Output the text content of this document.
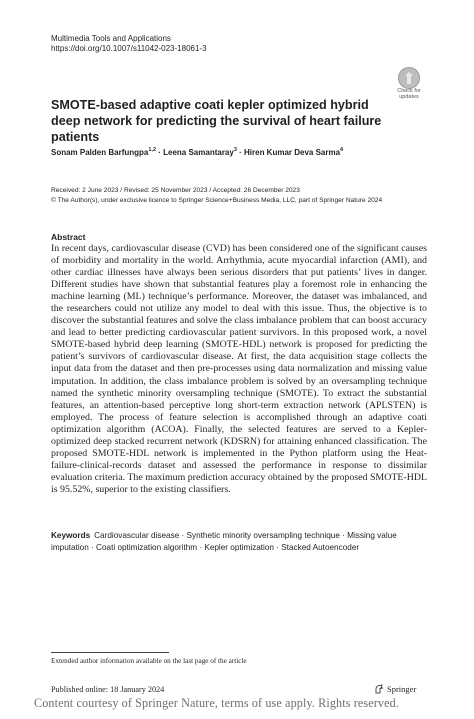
Multimedia Tools and Applications
https://doi.org/10.1007/s11042-023-18061-3
Check for
updates
SMOTE-based adaptive coati kepler optimized hybrid deep network for predicting the survival of heart failure patients
Sonam Palden Barfungpa$^{1,2}$ · Leena Samantaray$^3$ · Hiren Kumar Deva Sarma$^4$
Received: 2 June 2023 / Revised: 25 November 2023 / Accepted: 26 December 2023
© The Author(s), under exclusive licence to Springer Science+Business Media, LLC, part of Springer Nature 2024
Abstract

In recent days, cardiovascular disease (CVD) has been considered one of the significant causes of morbidity and mortality in the world. Arrhythmia, acute myocardial infarction (AMI), and other cardiac illnesses have always been serious disorders that put patients’ lives in danger. Different studies have shown that substantial features play a foremost role in enhancing the machine learning (ML) technique’s performance. Moreover, the dataset was imbalanced, and the researchers could not utilize any model to deal with this issue. Thus, the objective is to discover the substantial features and solve the class imbalance problem that can boost accuracy and lead to better predicting cardiovascular patient survivors. In this proposed work, a novel SMOTE-based hybrid deep learning (SMOTE-HDL) network is proposed for predicting the patient’s survivors of cardiovascular disease. At first, the data acquisition stage collects the input data from the dataset and then pre-processes using data normalization and missing value imputation. In addition, the class imbalance problem is solved by an oversampling technique named the synthetic minority oversampling technique (SMOTE). To extract the substantial features, an attention-based perceptive long short-term extraction network (APLSTEN) is employed. The process of feature selection is accomplished through an adaptive coati optimization algorithm (ACOA). Finally, the selected features are served to a Kepler-optimized deep stacked recurrent network (KDSRN) for attaining enhanced classification. The proposed SMOTE-HDL network is implemented in the Python platform using the Heat-failure-clinical-records dataset and assessed the performance in response to dissimilar evaluation criteria. The maximum prediction accuracy obtained by the proposed SMOTE-HDL is 95.52%, superior to the existing classifiers.

Keywords Cardiovascular disease · Synthetic minority oversampling technique · Missing value imputation · Coati optimization algorithm · Kepler optimization · Stacked Autoencoder

Extended author information available on the last page of the article
Published online: 18 January 2024	Springer
Content courtesy of Springer Nature, terms of use apply. Rights reserved.
